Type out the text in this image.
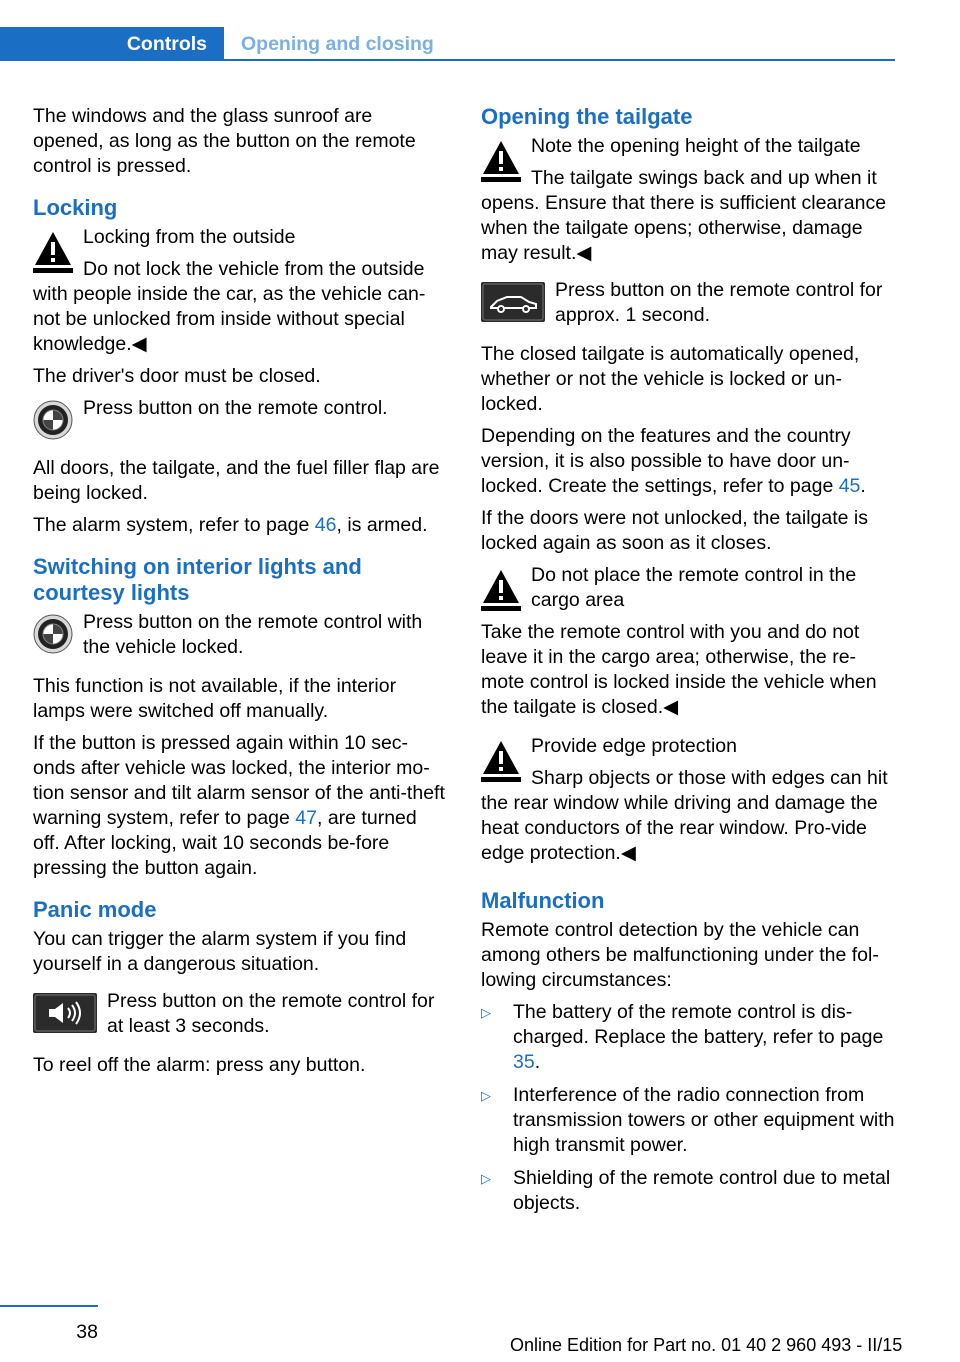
Controls	Opening and closing

The windows and the glass sunroof are opened, as long as the button on the remote control is pressed.

Locking
Locking from the outside
Do not lock the vehicle from the outside with people inside the car, as the vehicle can‐not be unlocked from inside without special knowledge.◀

The driver's door must be closed.

Press button on the remote control.

All doors, the tailgate, and the fuel filler flap are being locked.

The alarm system, refer to page 46, is armed.

Switching on interior lights and courtesy lights
Press button on the remote control with the vehicle locked.

This function is not available, if the interior lamps were switched off manually.

If the button is pressed again within 10 sec‐onds after vehicle was locked, the interior mo‐tion sensor and tilt alarm sensor of the anti-theft warning system, refer to page 47, are turned off. After locking, wait 10 seconds be‐fore pressing the button again.

Panic mode

You can trigger the alarm system if you find yourself in a dangerous situation.

Press button on the remote control for at least 3 seconds.

To reel off the alarm: press any button.

Opening the tailgate
Note the opening height of the tailgate
The tailgate swings back and up when it opens. Ensure that there is sufficient clearance when the tailgate opens; otherwise, damage may result.◀
Press button on the remote control for approx. 1 second.

The closed tailgate is automatically opened, whether or not the vehicle is locked or un‐locked.

Depending on the features and the country version, it is also possible to have door un‐locked. Create the settings, refer to page 45.

If the doors were not unlocked, the tailgate is locked again as soon as it closes.

Do not place the remote control in the cargo area
Take the remote control with you and do not leave it in the cargo area; otherwise, the re‐mote control is locked inside the vehicle when the tailgate is closed.◀
Provide edge protection
Sharp objects or those with edges can hit the rear window while driving and damage the heat conductors of the rear window. Pro‐vide edge protection.◀
Malfunction

Remote control detection by the vehicle can among others be malfunctioning under the fol‐lowing circumstances:

▷ The battery of the remote control is dis‐charged. Replace the battery, refer to page 35.
▷ Interference of the radio connection from transmission towers or other equipment with high transmit power.
▷ Shielding of the remote control due to metal objects.
38
Online Edition for Part no. 01 40 2 960 493 - II/15
